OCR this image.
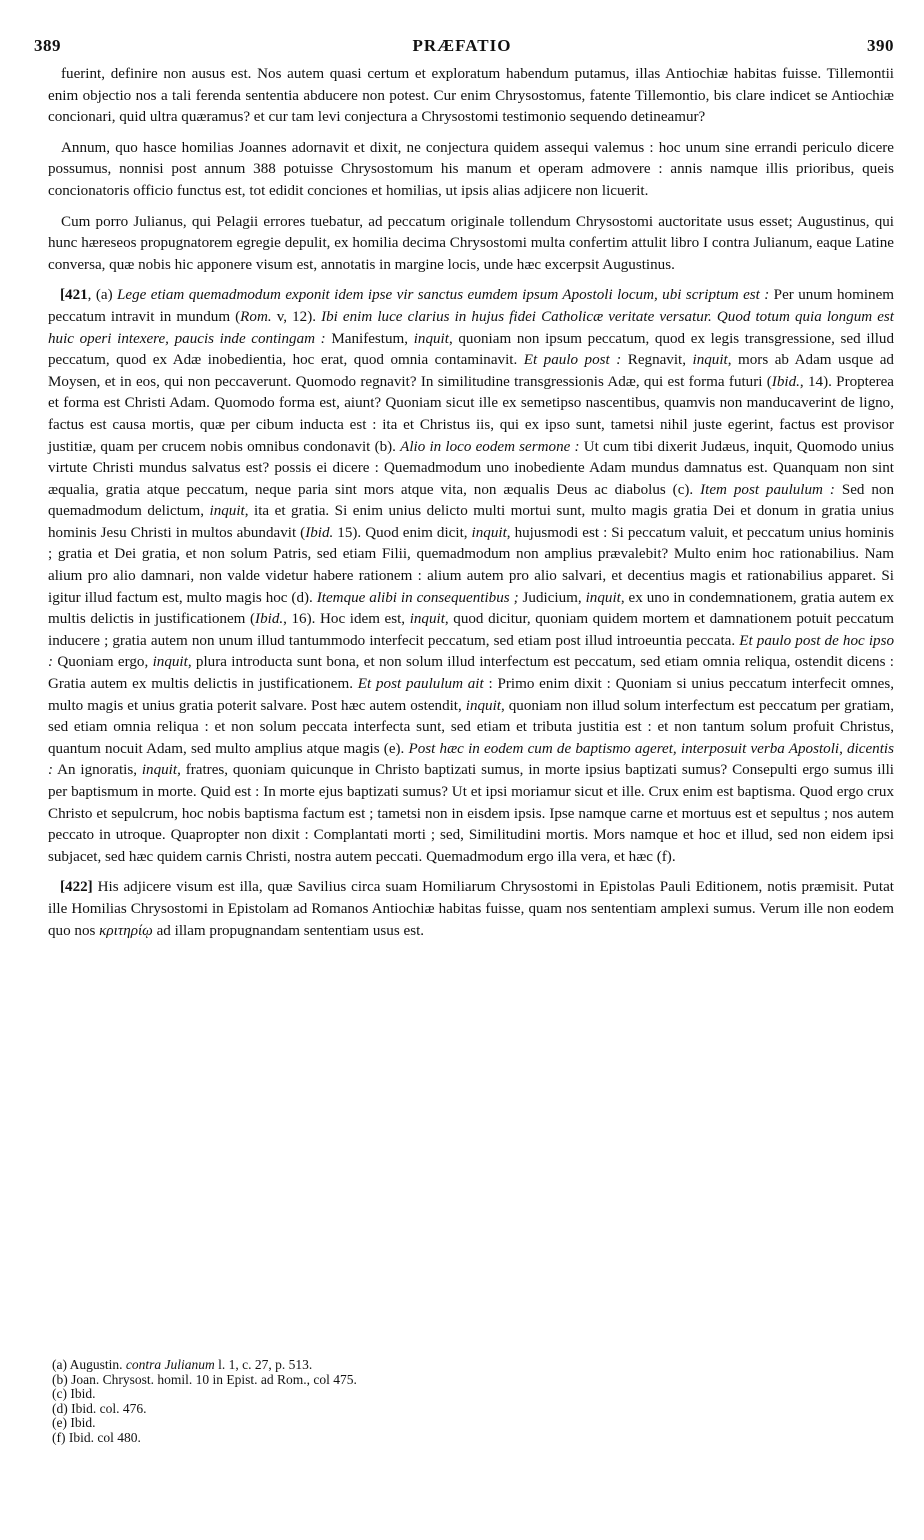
389	PRÆFATIO	390

fuerint, definire non ausus est. Nos autem quasi certum et exploratum habendum putamus, illas Antiochiæ habitas fuisse. Tillemontii enim objectio nos a tali ferenda sententia abducere non potest. Cur enim Chrysostomus, fatente Tillemontio, bis clare indicet se Antiochiæ concionari, quid ultra quæramus? et cur tam levi conjectura a Chrysostomi testimonio sequendo detineamur?

Annum, quo hasce homilias Joannes adornavit et dixit, ne conjectura quidem assequi valemus : hoc unum sine errandi periculo dicere possumus, nonnisi post annum 388 potuisse Chrysostomum his manum et operam admovere : annis namque illis prioribus, queis concionatoris officio functus est, tot edidit conciones et homilias, ut ipsis alias adjicere non licuerit.

Cum porro Julianus, qui Pelagii errores tuebatur, ad peccatum originale tollendum Chrysostomi auctoritate usus esset; Augustinus, qui hunc hæreseos propugnatorem egregie depulit, ex homilia decima Chrysostomi multa confertim attulit libro I contra Julianum, eaque Latine conversa, quæ nobis hic apponere visum est, annotatis in margine locis, unde hæc excerpsit Augustinus.

[421, (a) Lege etiam quemadmodum exponit idem ipse vir sanctus eumdem ipsum Apostoli locum, ubi scriptum est : Per unum hominem peccatum intravit in mundum (Rom. v, 12). Ibi enim luce clarius in hujus fidei Catholicæ veritate versatur. Quod totum quia longum est huic operi intexere, paucis inde contingam : Manifestum, inquit, quoniam non ipsum peccatum, quod ex legis transgressione, sed illud peccatum, quod ex Adæ inobedientia, hoc erat, quod omnia contaminavit. Et paulo post : Regnavit, inquit, mors ab Adam usque ad Moysen, et in eos, qui non peccaverunt. Quomodo regnavit? In similitudine transgressionis Adæ, qui est forma futuri (Ibid., 14). Propterea et forma est Christi Adam. Quomodo forma est, aiunt? Quoniam sicut ille ex semetipso nascentibus, quamvis non manducaverint de ligno, factus est causa mortis, quæ per cibum inducta est : ita et Christus iis, qui ex ipso sunt, tametsi nihil juste egerint, factus est provisor justitiæ, quam per crucem nobis omnibus condonavit (b). Alio in loco eodem sermone : Ut cum tibi dixerit Judæus, inquit, Quomodo unius virtute Christi mundus salvatus est? possis ei dicere : Quemadmodum uno inobediente Adam mundus damnatus est. Quanquam non sint æqualia, gratia atque peccatum, neque paria sint mors atque vita, non æqualis Deus ac diabolus (c). Item post paululum : Sed non quemadmodum delictum, inquit, ita et gratia. Si enim unius delicto multi mortui sunt, multo magis gratia Dei et donum in gratia unius hominis Jesu Christi in multos abundavit (Ibid. 15). Quod enim dicit, inquit, hujusmodi est : Si peccatum valuit, et peccatum unius hominis ; gratia et Dei gratia, et non solum Patris, sed etiam Filii, quemadmodum non amplius prævalebit? Multo enim hoc rationabilius. Nam alium pro alio damnari, non valde videtur habere rationem : alium autem pro alio salvari, et decentius magis et rationabilius apparet. Si igitur illud factum est, multo magis hoc (d). Itemque alibi in consequentibus ; Judicium, inquit, ex uno in condemnationem, gratia autem ex multis delictis in justificationem (Ibid., 16). Hoc idem est, inquit, quod dicitur, quoniam quidem mortem et damnationem potuit peccatum inducere ; gratia autem non unum illud tantummodo interfecit peccatum, sed etiam post illud introeuntia peccata. Et paulo post de hoc ipso : Quoniam ergo, inquit, plura introducta sunt bona, et non solum illud interfectum est peccatum, sed etiam omnia reliqua, ostendit dicens : Gratia autem ex multis delictis in justificationem. Et post paululum ait : Primo enim dixit : Quoniam si unius peccatum interfecit omnes, multo magis et unius gratia poterit salvare. Post hæc autem ostendit, inquit, quoniam non illud solum interfectum est peccatum per gratiam, sed etiam omnia reliqua : et non solum peccata interfecta sunt, sed etiam et tributa justitia est : et non tantum solum profuit Christus, quantum nocuit Adam, sed multo amplius atque magis (e). Post hæc in eodem cum de baptismo ageret, interposuit verba Apostoli, dicentis : An ignoratis, inquit, fratres, quoniam quicunque in Christo baptizati sumus, in morte ipsius baptizati sumus? Consepulti ergo sumus illi per baptismum in morte. Quid est : In morte ejus baptizati sumus? Ut et ipsi moriamur sicut et ille. Crux enim est baptisma. Quod ergo crux Christo et sepulcrum, hoc nobis baptisma factum est ; tametsi non in eisdem ipsis. Ipse namque carne et mortuus est et sepultus ; nos autem peccato in utroque. Quapropter non dixit : Complantati morti ; sed, Similitudini mortis. Mors namque et hoc et illud, sed non eidem ipsi subjacet, sed hæc quidem carnis Christi, nostra autem peccati. Quemadmodum ergo illa vera, et hæc (f).

[422] His adjicere visum est illa, quæ Savilius circa suam Homiliarum Chrysostomi in Epistolas Pauli Editionem, notis præmisit. Putat ille Homilias Chrysostomi in Epistolam ad Romanos Antiochiæ habitas fuisse, quam nos sententiam amplexi sumus. Verum ille non eodem quo nos κριτηρίῳ ad illam propugnandam sententiam usus est.

(a) Augustin. contra Julianum l. 1, c. 27, p. 513.
(b) Joan. Chrysost. homil. 10 in Epist. ad Rom., col 475.
(c) Ibid.
(d) Ibid. col. 476.
(e) Ibid.
(f) Ibid. col 480.
